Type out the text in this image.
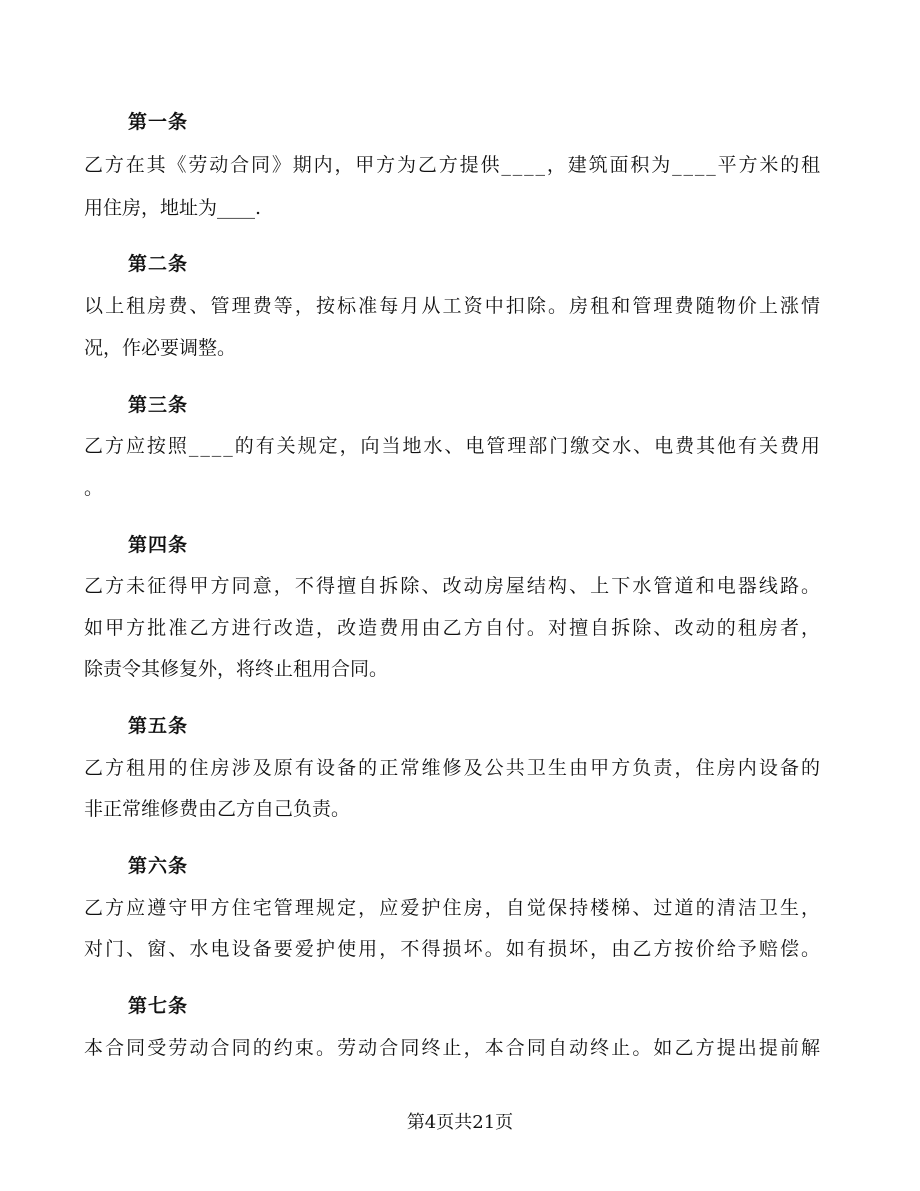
第一条
乙方在其《劳动合同》期内，甲方为乙方提供____，建筑面积为____平方米的租
用住房，地址为____.
第二条
以上租房费、管理费等，按标准每月从工资中扣除。房租和管理费随物价上涨情
况，作必要调整。
第三条
乙方应按照____的有关规定，向当地水、电管理部门缴交水、电费其他有关费用
。
第四条
乙方未征得甲方同意，不得擅自拆除、改动房屋结构、上下水管道和电器线路。
如甲方批准乙方进行改造，改造费用由乙方自付。对擅自拆除、改动的租房者，
除责令其修复外，将终止租用合同。
第五条
乙方租用的住房涉及原有设备的正常维修及公共卫生由甲方负责，住房内设备的
非正常维修费由乙方自己负责。
第六条
乙方应遵守甲方住宅管理规定，应爱护住房，自觉保持楼梯、过道的清洁卫生，
对门、窗、水电设备要爱护使用，不得损坏。如有损坏，由乙方按价给予赔偿。
第七条
本合同受劳动合同的约束。劳动合同终止，本合同自动终止。如乙方提出提前解
第4页共21页
